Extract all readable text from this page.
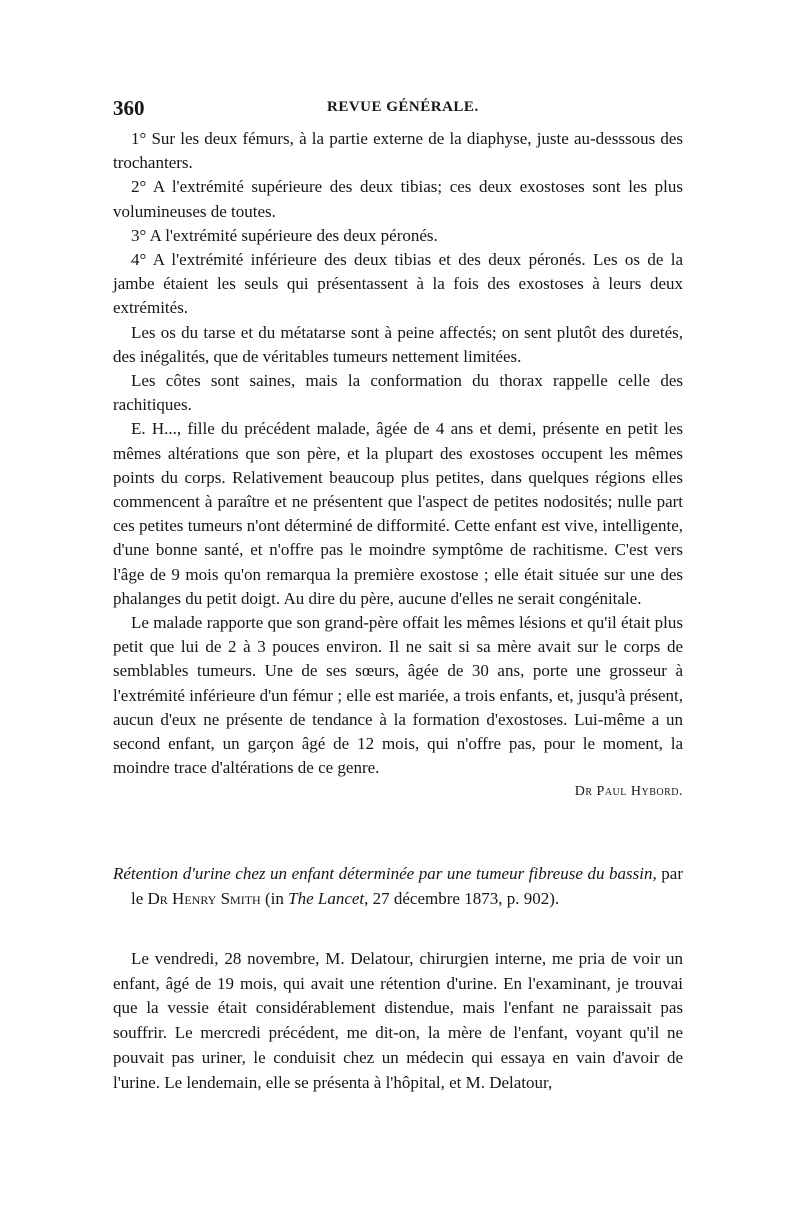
360	REVUE GÉNÉRALE.

1° Sur les deux fémurs, à la partie externe de la diaphyse, juste au-desssous des trochanters.

2° A l'extrémité supérieure des deux tibias; ces deux exostoses sont les plus volumineuses de toutes.

3° A l'extrémité supérieure des deux péronés.

4° A l'extrémité inférieure des deux tibias et des deux péronés. Les os de la jambe étaient les seuls qui présentassent à la fois des exostoses à leurs deux extrémités.

Les os du tarse et du métatarse sont à peine affectés; on sent plutôt des duretés, des inégalités, que de véritables tumeurs nettement limitées.

Les côtes sont saines, mais la conformation du thorax rappelle celle des rachitiques.

E. H..., fille du précédent malade, âgée de 4 ans et demi, présente en petit les mêmes altérations que son père, et la plupart des exostoses occupent les mêmes points du corps. Relativement beaucoup plus petites, dans quelques régions elles commencent à paraître et ne présentent que l'aspect de petites nodosités; nulle part ces petites tumeurs n'ont déterminé de difformité. Cette enfant est vive, intelligente, d'une bonne santé, et n'offre pas le moindre symptôme de rachitisme. C'est vers l'âge de 9 mois qu'on remarqua la première exostose ; elle était située sur une des phalanges du petit doigt. Au dire du père, aucune d'elles ne serait congénitale.

Le malade rapporte que son grand-père offait les mêmes lésions et qu'il était plus petit que lui de 2 à 3 pouces environ. Il ne sait si sa mère avait sur le corps de semblables tumeurs. Une de ses sœurs, âgée de 30 ans, porte une grosseur à l'extrémité inférieure d'un fémur ; elle est mariée, a trois enfants, et, jusqu'à présent, aucun d'eux ne présente de tendance à la formation d'exostoses. Lui-même a un second enfant, un garçon âgé de 12 mois, qui n'offre pas, pour le moment, la moindre trace d'altérations de ce genre.

Dr Paul Hybord.

Rétention d'urine chez un enfant déterminée par une tumeur fibreuse du bassin, par le Dr Henry Smith (in The Lancet, 27 décembre 1873, p. 902).

Le vendredi, 28 novembre, M. Delatour, chirurgien interne, me pria de voir un enfant, âgé de 19 mois, qui avait une rétention d'urine. En l'examinant, je trouvai que la vessie était considérablement distendue, mais l'enfant ne paraissait pas souffrir. Le mercredi précédent, me dit-on, la mère de l'enfant, voyant qu'il ne pouvait pas uriner, le conduisit chez un médecin qui essaya en vain d'avoir de l'urine. Le lendemain, elle se présenta à l'hôpital, et M. Delatour,
